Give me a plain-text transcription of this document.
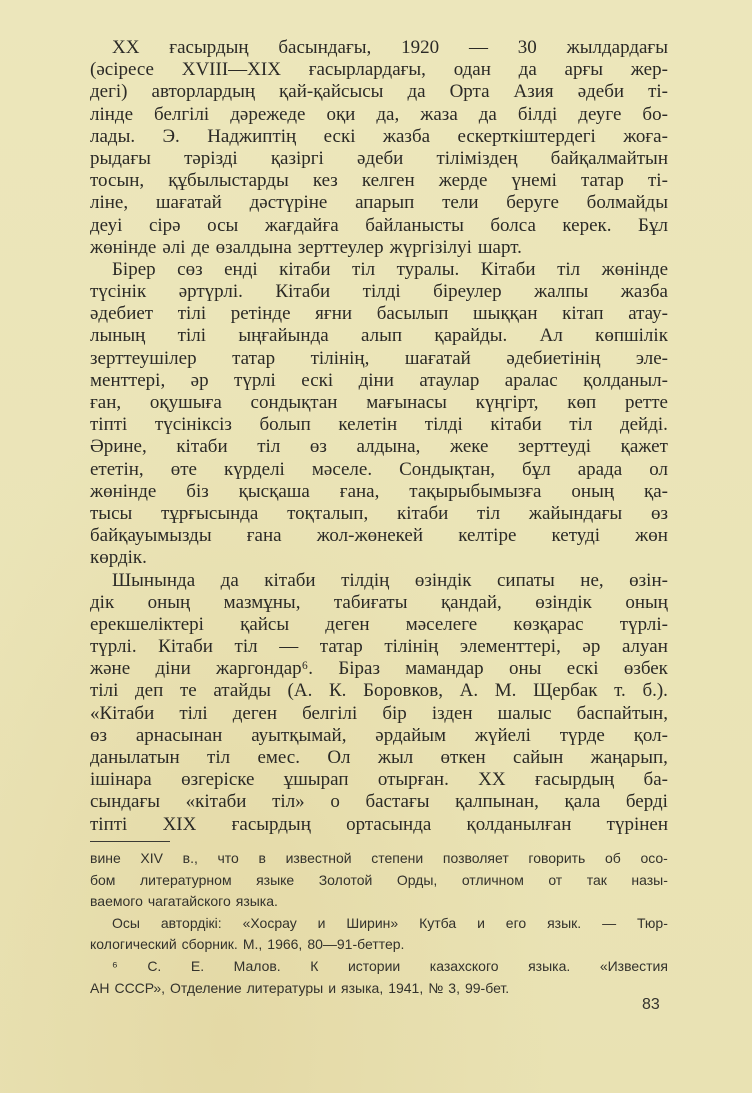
XX ғасырдың басындағы, 1920 — 30 жылдардағы
(әсіресе XVIII—XIX ғасырлардағы, одан да арғы жер-
дегі) авторлардың қай-қайсысы да Орта Азия әдеби ті-
лінде белгілі дәрежеде оқи да, жаза да білді деуге бо-
лады. Э. Наджиптің ескі жазба ескерткіштердегі жоға-
рыдағы тәрізді қазіргі әдеби тіліміздең байқалмайтын
тосын, құбылыстарды кез келген жерде үнемі татар ті-
ліне, шағатай дәстүріне апарып тели беруге болмайды
деуі сірә осы жағдайға байланысты болса керек. Бұл
жөнінде әлі де өзалдына зерттеулер жүргізілуі шарт.
Бірер сөз енді кітаби тіл туралы. Кітаби тіл жөнінде
түсінік әртүрлі. Кітаби тілді біреулер жалпы жазба
әдебиет тілі ретінде яғни басылып шыққан кітап атау-
лының тілі ыңғайында алып қарайды. Ал көпшілік
зерттеушілер татар тілінің, шағатай әдебиетінің эле-
менттері, әр түрлі ескі діни атаулар аралас қолданыл-
ған, оқушыға сондықтан мағынасы күңгірт, көп ретте
тіпті түсініксіз болып келетін тілді кітаби тіл дейді.
Әрине, кітаби тіл өз алдына, жеке зерттеуді қажет
ететін, өте күрделі мәселе. Сондықтан, бұл арада ол
жөнінде біз қысқаша ғана, тақырыбымызға оның қа-
тысы тұрғысында тоқталып, кітаби тіл жайындағы өз
байқауымызды ғана жол-жөнекей келтіре кетуді жөн
көрдік.
Шынында да кітаби тілдің өзіндік сипаты не, өзін-
дік оның мазмұны, табиғаты қандай, өзіндік оның
ерекшеліктері қайсы деген мәселеге көзқарас түрлі-
түрлі. Кітаби тіл — татар тілінің элементтері, әр алуан
және діни жаргондар⁶. Біраз мамандар оны ескі өзбек
тілі деп те атайды (А. К. Боровков, А. М. Щербак т. б.).
«Кітаби тілі деген белгілі бір ізден шалыс баспайтын,
өз арнасынан ауытқымай, әрдайым жүйелі түрде қол-
данылатын тіл емес. Ол жыл өткен сайын жаңарып,
ішінара өзгеріске ұшырап отырған. XX ғасырдың ба-
сындағы «кітаби тіл» о бастағы қалпынан, қала берді
тіпті XIX ғасырдың ортасында қолданылған түрінен
вине XIV в., что в известной степени позволяет говорить об осо-
бом литературном языке Золотой Орды, отличном от так назы-
ваемого чагатайского языка.
Осы автордікі: «Хосрау и Ширин» Кутба и его язык. — Тюр-
кологический сборник. М., 1966, 80—91-беттер.
⁶ С. Е. Малов. К истории казахского языка. «Известия
АН СССР», Отделение литературы и языка, 1941, № 3, 99-бет.
83
